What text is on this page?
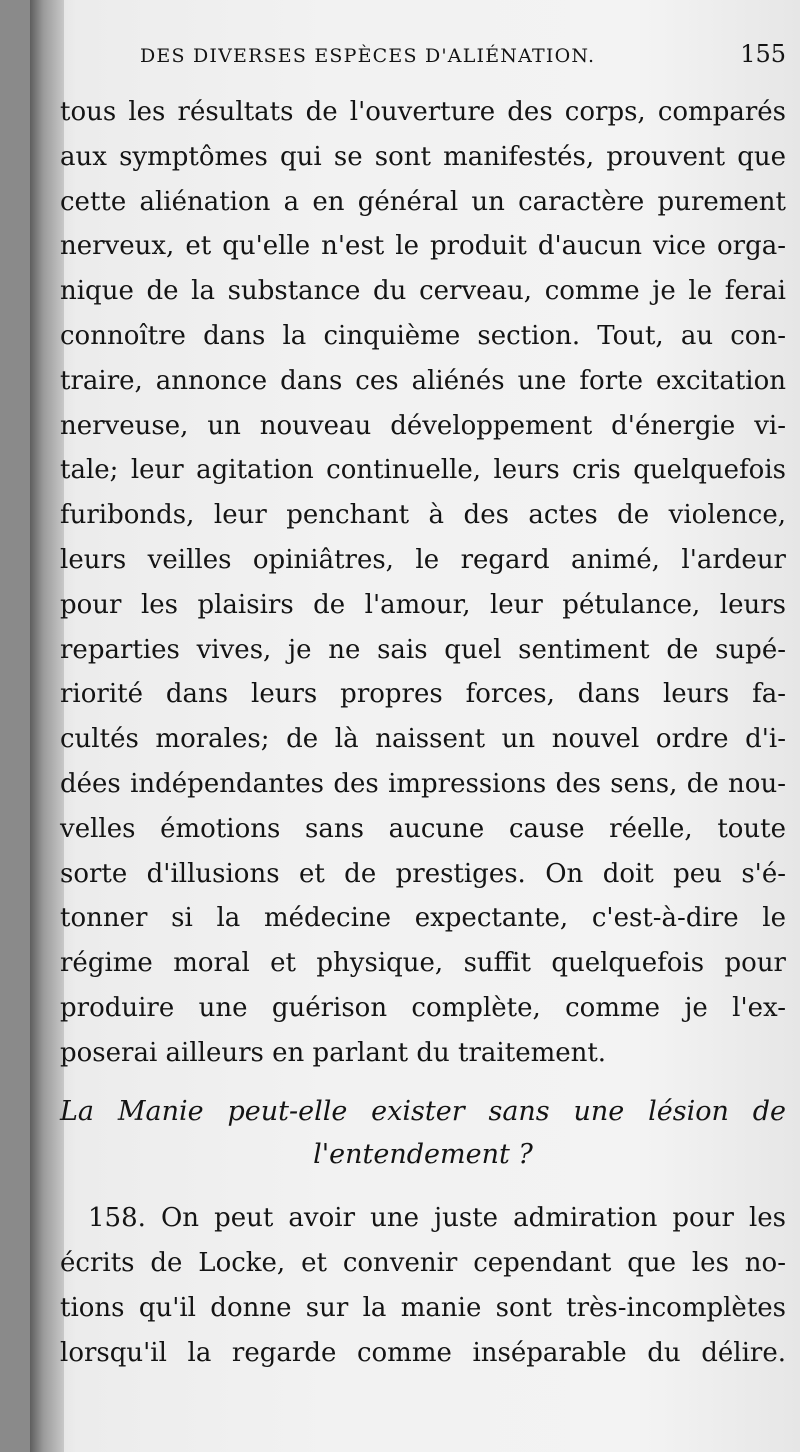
DES DIVERSES ESPÈCES D'ALIÉNATION.	155
tous les résultats de l'ouverture des corps, comparés
aux symptômes qui se sont manifestés, prouvent que
cette aliénation a en général un caractère purement
nerveux, et qu'elle n'est le produit d'aucun vice orga-
nique de la substance du cerveau, comme je le ferai
connoître dans la cinquième section. Tout, au con-
traire, annonce dans ces aliénés une forte excitation
nerveuse, un nouveau développement d'énergie vi-
tale; leur agitation continuelle, leurs cris quelquefois
furibonds, leur penchant à des actes de violence,
leurs veilles opiniâtres, le regard animé, l'ardeur
pour les plaisirs de l'amour, leur pétulance, leurs
reparties vives, je ne sais quel sentiment de supé-
riorité dans leurs propres forces, dans leurs fa-
cultés morales; de là naissent un nouvel ordre d'i-
dées indépendantes des impressions des sens, de nou-
velles émotions sans aucune cause réelle, toute
sorte d'illusions et de prestiges. On doit peu s'é-
tonner si la médecine expectante, c'est-à-dire le
régime moral et physique, suffit quelquefois pour
produire une guérison complète, comme je l'ex-
poserai ailleurs en parlant du traitement.
La Manie peut-elle exister sans une lésion de
l'entendement ?
158. On peut avoir une juste admiration pour les
écrits de Locke, et convenir cependant que les no-
tions qu'il donne sur la manie sont très-incomplètes
lorsqu'il la regarde comme inséparable du délire.
